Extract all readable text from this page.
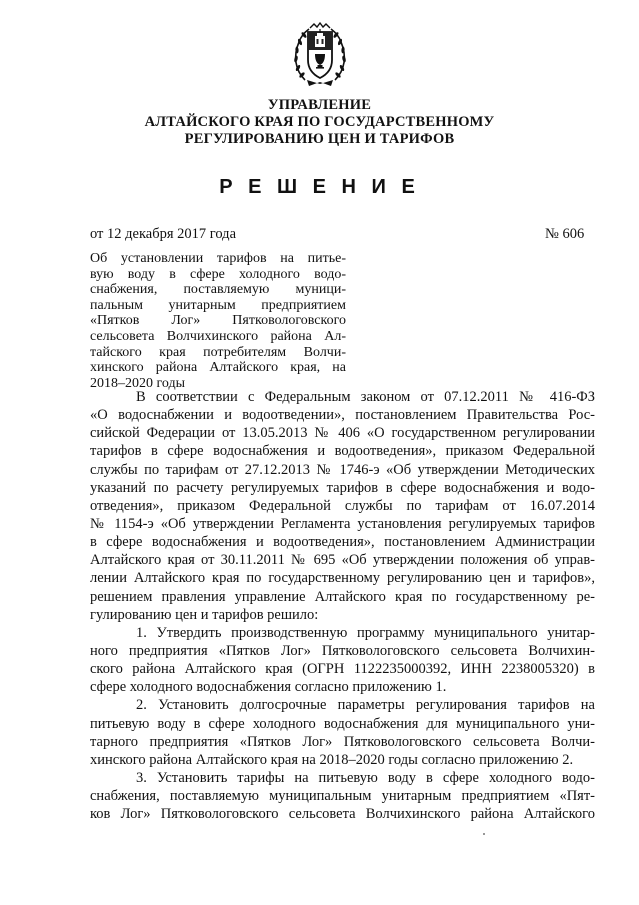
УПРАВЛЕНИЕ
АЛТАЙСКОГО КРАЯ ПО ГОСУДАРСТВЕННОМУ
РЕГУЛИРОВАНИЮ ЦЕН И ТАРИФОВ
Р Е Ш Е Н И Е
от 12 декабря 2017 года	№ 606
Об установлении тарифов на питье-
вую воду в сфере холодного водо-
снабжения, поставляемую муници-
пальным унитарным предприятием
«Пятков Лог» Пятковологовского
сельсовета Волчихинского района Ал-
тайского края потребителям Волчи-
хинского района Алтайского края, на
2018–2020 годы
В соответствии с Федеральным законом от 07.12.2011 № 416-ФЗ
«О водоснабжении и водоотведении», постановлением Правительства Рос-
сийской Федерации от 13.05.2013 № 406 «О государственном регулировании
тарифов в сфере водоснабжения и водоотведения», приказом Федеральной
службы по тарифам от 27.12.2013 № 1746-э «Об утверждении Методических
указаний по расчету регулируемых тарифов в сфере водоснабжения и водо-
отведения», приказом Федеральной службы по тарифам от 16.07.2014
№ 1154-э «Об утверждении Регламента установления регулируемых тарифов
в сфере водоснабжения и водоотведения», постановлением Администрации
Алтайского края от 30.11.2011 № 695 «Об утверждении положения об управ-
лении Алтайского края по государственному регулированию цен и тарифов»,
решением правления управление Алтайского края по государственному ре-
гулированию цен и тарифов решило:
1. Утвердить производственную программу муниципального унитар-
ного предприятия «Пятков Лог» Пятковологовского сельсовета Волчихин-
ского района Алтайского края (ОГРН 1122235000392, ИНН 2238005320) в
сфере холодного водоснабжения согласно приложению 1.
2. Установить долгосрочные параметры регулирования тарифов на
питьевую воду в сфере холодного водоснабжения для муниципального уни-
тарного предприятия «Пятков Лог» Пятковологовского сельсовета Волчи-
хинского района Алтайского края на 2018–2020 годы согласно приложению 2.
3. Установить тарифы на питьевую воду в сфере холодного водо-
снабжения, поставляемую муниципальным унитарным предприятием «Пят-
ков Лог» Пятковологовского сельсовета Волчихинского района Алтайского
